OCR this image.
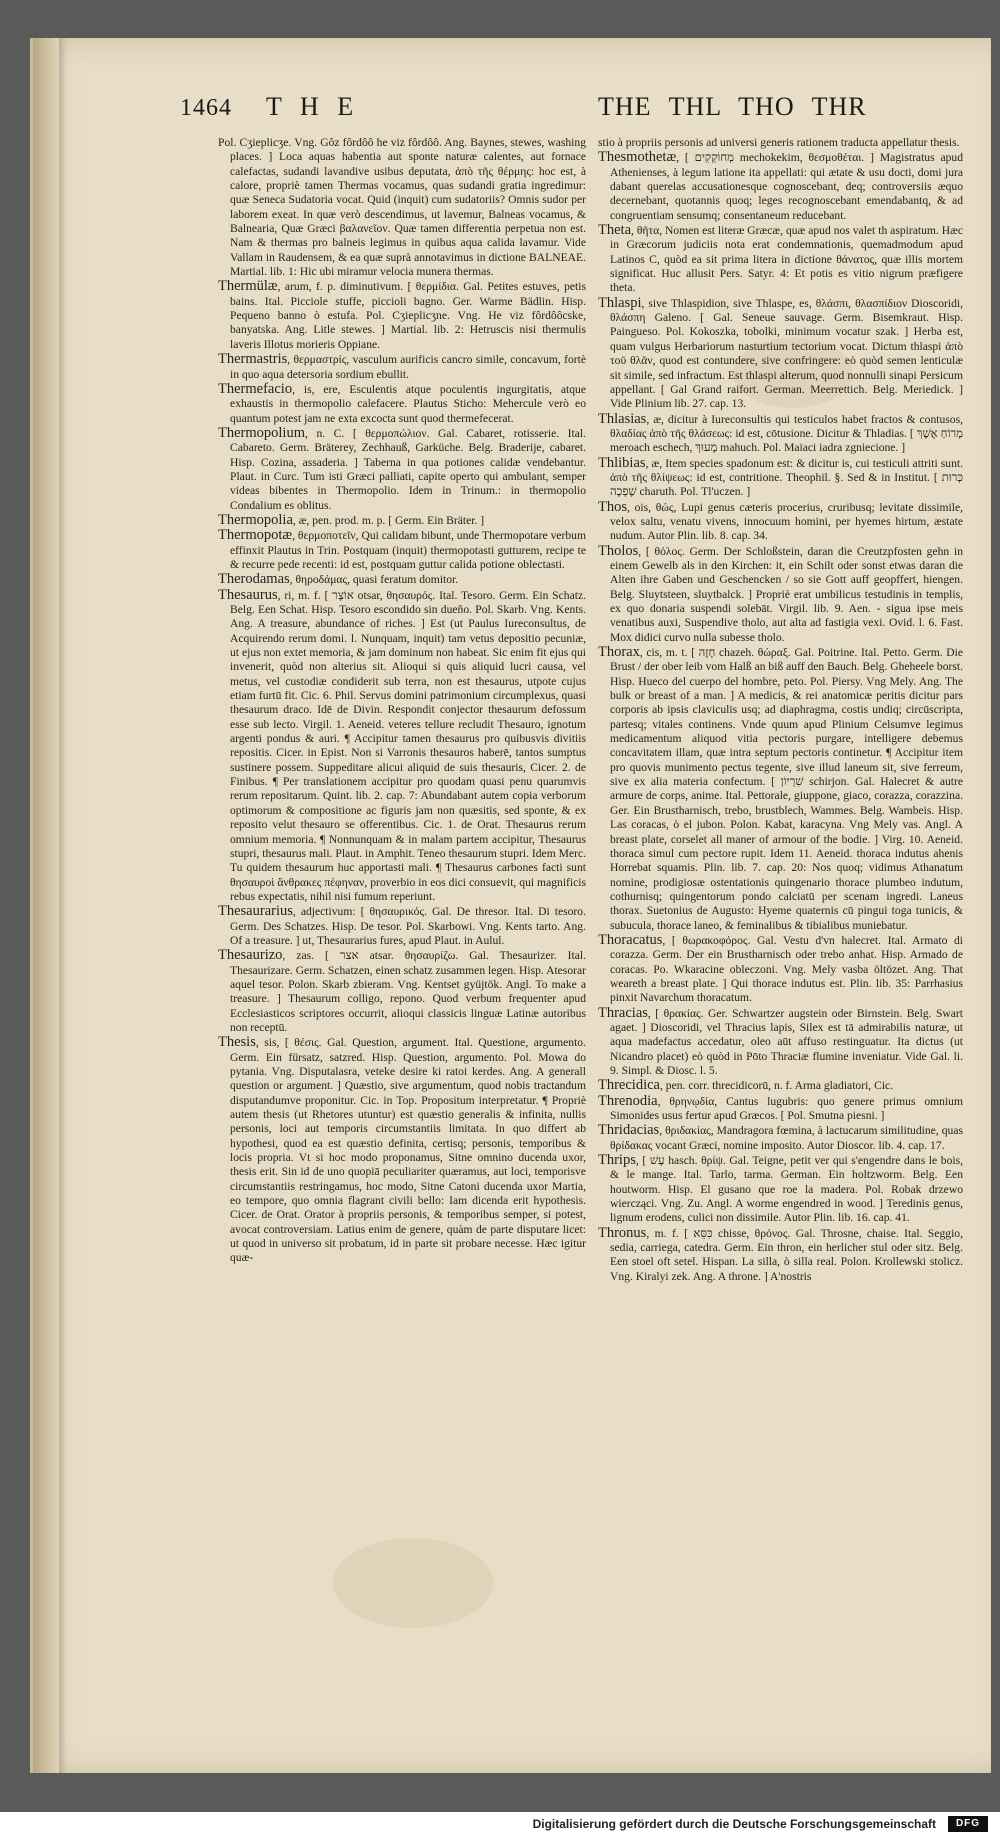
1464 T H E	THE THL THO THR

Pol. Cʒieplicʒe. Vng. Gôz fôrdôô he viz fôrdôô. Ang. Baynes, stewes, washing places. ] Loca aquas habentia aut sponte naturæ calentes, aut fornace calefactas, sudandi lavandive usibus deputata, ἀπὸ τῆς θέρμης: hoc est, à calore, propriè tamen Thermas vocamus, quas sudandi gratia ingredimur: quæ Seneca Sudatoria vocat. Quid (inquit) cum sudatoriis? Omnis sudor per laborem exeat. In quæ verò descendimus, ut lavemur, Balneas vocamus, & Balnearia, Quæ Græci βαλανεῖον. Quæ tamen differentia perpetua non est. Nam & thermas pro balneis legimus in quibus aqua calida lavamur. Vide Vallam in Raudensem, & ea quæ suprà annotavimus in dictione BALNEAE. Martial. lib. 1: Hic ubi miramur velocia munera thermas.

Thermülæ, arum, f. p. diminutivum. [ θερμίδια. Gal. Petites estuves, petis bains. Ital. Picciole stuffe, piccioli bagno. Ger. Warme Bädlin. Hisp. Pequeno banno ò estufa. Pol. Cʒieplicʒne. Vng. He viz fôrdôôcske, banyatska. Ang. Litle stewes. ] Martial. lib. 2: Hetruscis nisi thermulis laveris Illotus morieris Oppiane.

Thermastris, θερμαστρίς, vasculum aurificis cancro simile, concavum, fortè in quo aqua detersoria sordium ebullit.

Thermefacio, is, ere, Esculentis atque poculentis ingurgitatis, atque exhaustis in thermopolio calefacere. Plautus Sticho: Mehercule verò eo quantum potest jam ne exta excocta sunt quod thermefecerat.

Thermopolium, n. C. [ θερμοπώλιον. Gal. Cabaret, rotisserie. Ital. Cabareto. Germ. Bräterey, Zechhauß, Garküche. Belg. Braderije, cabaret. Hisp. Cozina, assaderia. ] Taberna in qua potiones calidæ vendebantur. Plaut. in Curc. Tum isti Græci palliati, capite operto qui ambulant, semper videas bibentes in Thermopolio. Idem in Trinum.: in thermopolio Condalium es oblitus.

Thermopolia, æ, pen. prod. m. p. [ Germ. Ein Bräter. ]

Thermopotæ, θερμοποτεῖν, Qui calidam bibunt, unde Thermopotare verbum effinxit Plautus in Trin. Postquam (inquit) thermopotasti gutturem, recipe te & recurre pede recenti: id est, postquam guttur calida potione oblectasti.

Therodamas, θηροδάμας, quasi feratum domitor.

Thesaurus, ri, m. f. [ אוֹצָר otsar, θησαυρός. Ital. Tesoro. Germ. Ein Schatz. Belg. Een Schat. Hisp. Tesoro escondido sin dueño. Pol. Skarb. Vng. Kents. Ang. A treasure, abundance of riches. ] Est (ut Paulus Iureconsultus, de Acquirendo rerum domi. l. Nunquam, inquit) tam vetus depositio pecuniæ, ut ejus non extet memoria, & jam dominum non habeat. Sic enim fit ejus qui invenerit, quòd non alterius sit. Alioqui si quis aliquid lucri causa, vel metus, vel custodiæ condiderit sub terra, non est thesaurus, utpote cujus etiam furtū fit. Cic. 6. Phil. Servus domini patrimonium circumplexus, quasi thesaurum draco. Idē de Divin. Respondit conjector thesaurum defossum esse sub lecto. Virgil. 1. Aeneid. veteres tellure recludit Thesauro, ignotum argenti pondus & auri. ¶ Accipitur tamen thesaurus pro quibusvis divitiis repositis. Cicer. in Epist. Non si Varronis thesauros haberē, tantos sumptus sustinere possem. Suppeditare alicui aliquid de suis thesauris, Cicer. 2. de Finibus. ¶ Per translationem accipitur pro quodam quasi penu quarumvis rerum repositarum. Quint. lib. 2. cap. 7: Abundabant autem copia verborum optimorum & compositione ac figuris jam non quæsitis, sed sponte, & ex reposito velut thesauro se offerentibus. Cic. 1. de Orat. Thesaurus rerum omnium memoria. ¶ Nonnunquam & in malam partem accipitur, Thesaurus stupri, thesaurus mali. Plaut. in Amphit. Teneo thesaurum stupri. Idem Merc. Tu quidem thesaurum huc apportasti mali. ¶ Thesaurus carbones facti sunt θησαυροὶ ἄνθρακες πέφηναν, proverbio in eos dici consuevit, qui magnificis rebus expectatis, nihil nisi fumum reperiunt.

Thesaurarius, adjectivum: [ θησαυρικός. Gal. De thresor. Ital. Di tesoro. Germ. Des Schatzes. Hisp. De tesor. Pol. Skarbowi. Vng. Kents tarto. Ang. Of a treasure. ] ut, Thesaurarius fures, apud Plaut. in Aulul.

Thesaurizo, zas. [ אצר atsar. θησαυρίζω. Gal. Thesaurizer. Ital. Thesaurizare. Germ. Schatzen, einen schatz zusammen legen. Hisp. Atesorar aquel tesor. Polon. Skarb zbieram. Vng. Kentset gyüjtök. Angl. To make a treasure. ] Thesaurum colligo, repono. Quod verbum frequenter apud Ecclesiasticos scriptores occurrit, alioqui classicis linguæ Latinæ autoribus non receptū.

Thesis, sis, [ θέσις. Gal. Question, argument. Ital. Questione, argumento. Germ. Ein fürsatz, satzred. Hisp. Question, argumento. Pol. Mowa do pytania. Vng. Disputalasra, veteke desire ki ratoi kerdes. Ang. A generall question or argument. ] Quæstio, sive argumentum, quod nobis tractandum disputandumve proponitur. Cic. in Top. Propositum interpretatur. ¶ Propriè autem thesis (ut Rhetores utuntur) est quæstio generalis & infinita, nullis personis, loci aut temporis circumstantiis limitata. In quo differt ab hypothesi, quod ea est quæstio definita, certisq; personis, temporibus & locis propria. Vt si hoc modo proponamus, Sitne omnino ducenda uxor, thesis erit. Sin id de uno quopiā peculiariter quæramus, aut loci, temporisve circumstantiis restringamus, hoc modo, Sitne Catoni ducenda uxor Martia, eo tempore, quo omnia flagrant civili bello: Iam dicenda erit hypothesis. Cicer. de Orat. Orator à propriis personis, & temporibus semper, si potest, avocat controversiam. Latius enim de genere, quàm de parte disputare licet: ut quod in universo sit probatum, id in parte sit probare necesse. Hæc igitur quæ-

stio à propriis personis ad universi generis rationem traducta appellatur thesis.

Thesmothetæ, [ מְחוֹקְקִים mechokekim, θεσμοθέται. ] Magistratus apud Athenienses, à legum latione ita appellati: qui ætate & usu docti, domi jura dabant querelas accusationesque cognoscebant, deq; controversiis æquo decernebant, quotannis quoq; leges recognoscebant emendabantq, & ad congruentiam sensumq; consentaneum reducebant.

Theta, θῆτα, Nomen est literæ Græcæ, quæ apud nos valet th aspiratum. Hæc in Græcorum judiciis nota erat condemnationis, quemadmodum apud Latinos C, quòd ea sit prima litera in dictione θάνατος, quæ illis mortem significat. Huc allusit Pers. Satyr. 4: Et potis es vitio nigrum præfigere theta.

Thlaspi, sive Thlaspidion, sive Thlaspe, es, θλάσπι, θλασπίδιον Dioscoridi, θλάσπη Galeno. [ Gal. Seneue sauvage. Germ. Bisemkraut. Hisp. Paingueso. Pol. Kokoszka, tobolki, minimum vocatur szak. ] Herba est, quam vulgus Herbariorum nasturtium tectorium vocat. Dictum thlaspi ἀπὸ τοῦ θλᾶν, quod est contundere, sive confringere: eò quòd semen lenticulæ sit simile, sed infractum. Est thlaspi alterum, quod nonnulli sinapi Persicum appellant. [ Gal Grand raifort. German. Meerrettich. Belg. Meriedick. ] Vide Plinium lib. 27. cap. 13.

Thlasias, æ, dicitur à Iureconsultis qui testiculos habet fractos & contusos, θλαδίας ἀπὸ τῆς θλάσεως: id est, cōtusione. Dicitur & Thladias. [ מְרוֹחַ אֶשֶׁךְ meroach eschech, מָעוּךְ mahuch. Pol. Maiaci iadra zgniecione. ]

Thlibias, æ, Item species spadonum est: & dicitur is, cui testiculi attriti sunt. ἀπὸ τῆς θλίψεως: id est, contritione. Theophil. §. Sed & in Institut. [ כְּרוּת שָׁפְכָה charuth. Pol. Tl'uczen. ]

Thos, ois, θώς, Lupi genus cæteris procerius, cruribusq; levitate dissimile, velox saltu, venatu vivens, innocuum homini, per hyemes hirtum, æstate nudum. Autor Plin. lib. 8. cap. 34.

Tholos, [ θόλος. Germ. Der Schloßstein, daran die Creutzpfosten gehn in einem Gewelb als in den Kirchen: it, ein Schilt oder sonst etwas daran die Alten ihre Gaben und Geschencken / so sie Gott auff geopffert, hiengen. Belg. Sluytsteen, sluytbalck. ] Propriè erat umbilicus testudinis in templis, ex quo donaria suspendi solebāt. Virgil. lib. 9. Aen. - sigua ipse meis venatibus auxi, Suspendive tholo, aut alta ad fastigia vexi. Ovid. l. 6. Fast. Mox didici curvo nulla subesse tholo.

Thorax, cis, m. t. [ חָזֶה chazeh. θώραξ. Gal. Poitrine. Ital. Petto. Germ. Die Brust / der ober leib vom Halß an biß auff den Bauch. Belg. Gheheele borst. Hisp. Hueco del cuerpo del hombre, peto. Pol. Piersy. Vng Mely. Ang. The bulk or breast of a man. ] A medicis, & rei anatomicæ peritis dicitur pars corporis ab ipsis claviculis usq; ad diaphragma, costis undiq; circūscripta, partesq; vitales continens. Vnde quum apud Plinium Celsumve legimus medicamentum aliquod vitia pectoris purgare, intelligere debemus concavitatem illam, quæ intra septum pectoris continetur. ¶ Accipitur item pro quovis munimento pectus tegente, sive illud laneum sit, sive ferreum, sive ex alia materia confectum. [ שִׁרְיוֹן schirjon. Gal. Halecret & autre armure de corps, anime. Ital. Pettorale, giuppone, giaco, corazza, corazzina. Ger. Ein Brustharnisch, trebo, brustblech, Wammes. Belg. Wambeis. Hisp. Las coracas, ò el jubon. Polon. Kabat, karacyna. Vng Mely vas. Angl. A breast plate, corselet all maner of armour of the bodie. ] Virg. 10. Aeneid. thoraca simul cum pectore rupit. Idem 11. Aeneid. thoraca indutus ahenis Horrebat squamis. Plin. lib. 7. cap. 20: Nos quoq; vidimus Athanatum nomine, prodigiosæ ostentationis quingenario thorace plumbeo indutum, cothurnisq; quingentorum pondo calciatū per scenam ingredi. Laneus thorax. Suetonius de Augusto: Hyeme quaternis cū pingui toga tunicis, & subucula, thorace laneo, & feminalibus & tibialibus muniebatur.

Thoracatus, [ θωρακοφόρος. Gal. Vestu d'vn halecret. Ital. Armato di corazza. Germ. Der ein Brustharnisch oder trebo anhat. Hisp. Armado de coracas. Po. Wkaracine obleczoni. Vng. Mely vasba öltözet. Ang. That weareth a breast plate. ] Qui thorace indutus est. Plin. lib. 35: Parrhasius pinxit Navarchum thoracatum.

Thracias, [ θρακίας. Ger. Schwartzer augstein oder Birnstein. Belg. Swart agaet. ] Dioscoridi, vel Thracius lapis, Silex est tā admirabilis naturæ, ut aqua madefactus accedatur, oleo aūt affuso restinguatur. Ita dictus (ut Nicandro placet) eò quòd in Pōto Thraciæ flumine inveniatur. Vide Gal. li. 9. Simpl. & Diosc. l. 5.

Threcidica, pen. corr. threcidicorū, n. f. Arma gladiatori, Cic.

Threnodia, θρηνῳδία, Cantus lugubris: quo genere primus omnium Simonides usus fertur apud Græcos. [ Pol. Smutna piesni. ]

Thridacias, θριδακίας, Mandragora fœmina, à lactucarum similitudine, quas θρίδακας vocant Græci, nomine imposito. Autor Dioscor. lib. 4. cap. 17.

Thrips, [ עָשׁ hasch. θρίψ. Gal. Teigne, petit ver qui s'engendre dans le bois, & le mange. Ital. Tarlo, tarma. German. Ein holtzworm. Belg. Een houtworm. Hisp. El gusano que roe la madera. Pol. Robak drzewo wiercząci. Vng. Zu. Angl. A worme engendred in wood. ] Teredinis genus, lignum erodens, culici non dissimile. Autor Plin. lib. 16. cap. 41.

Thronus, m. f. [ כִּסֵּא chisse, θρόνος. Gal. Throsne, chaise. Ital. Seggio, sedia, carriega, catedra. Germ. Ein thron, ein herlicher stul oder sitz. Belg. Een stoel oft setel. Hispan. La silla, ò silla real. Polon. Krollewski stolicz. Vng. Kiralyi zek. Ang. A throne. ] A'nostris

Digitalisierung gefördert durch die Deutsche Forschungsgemeinschaft	DFG
